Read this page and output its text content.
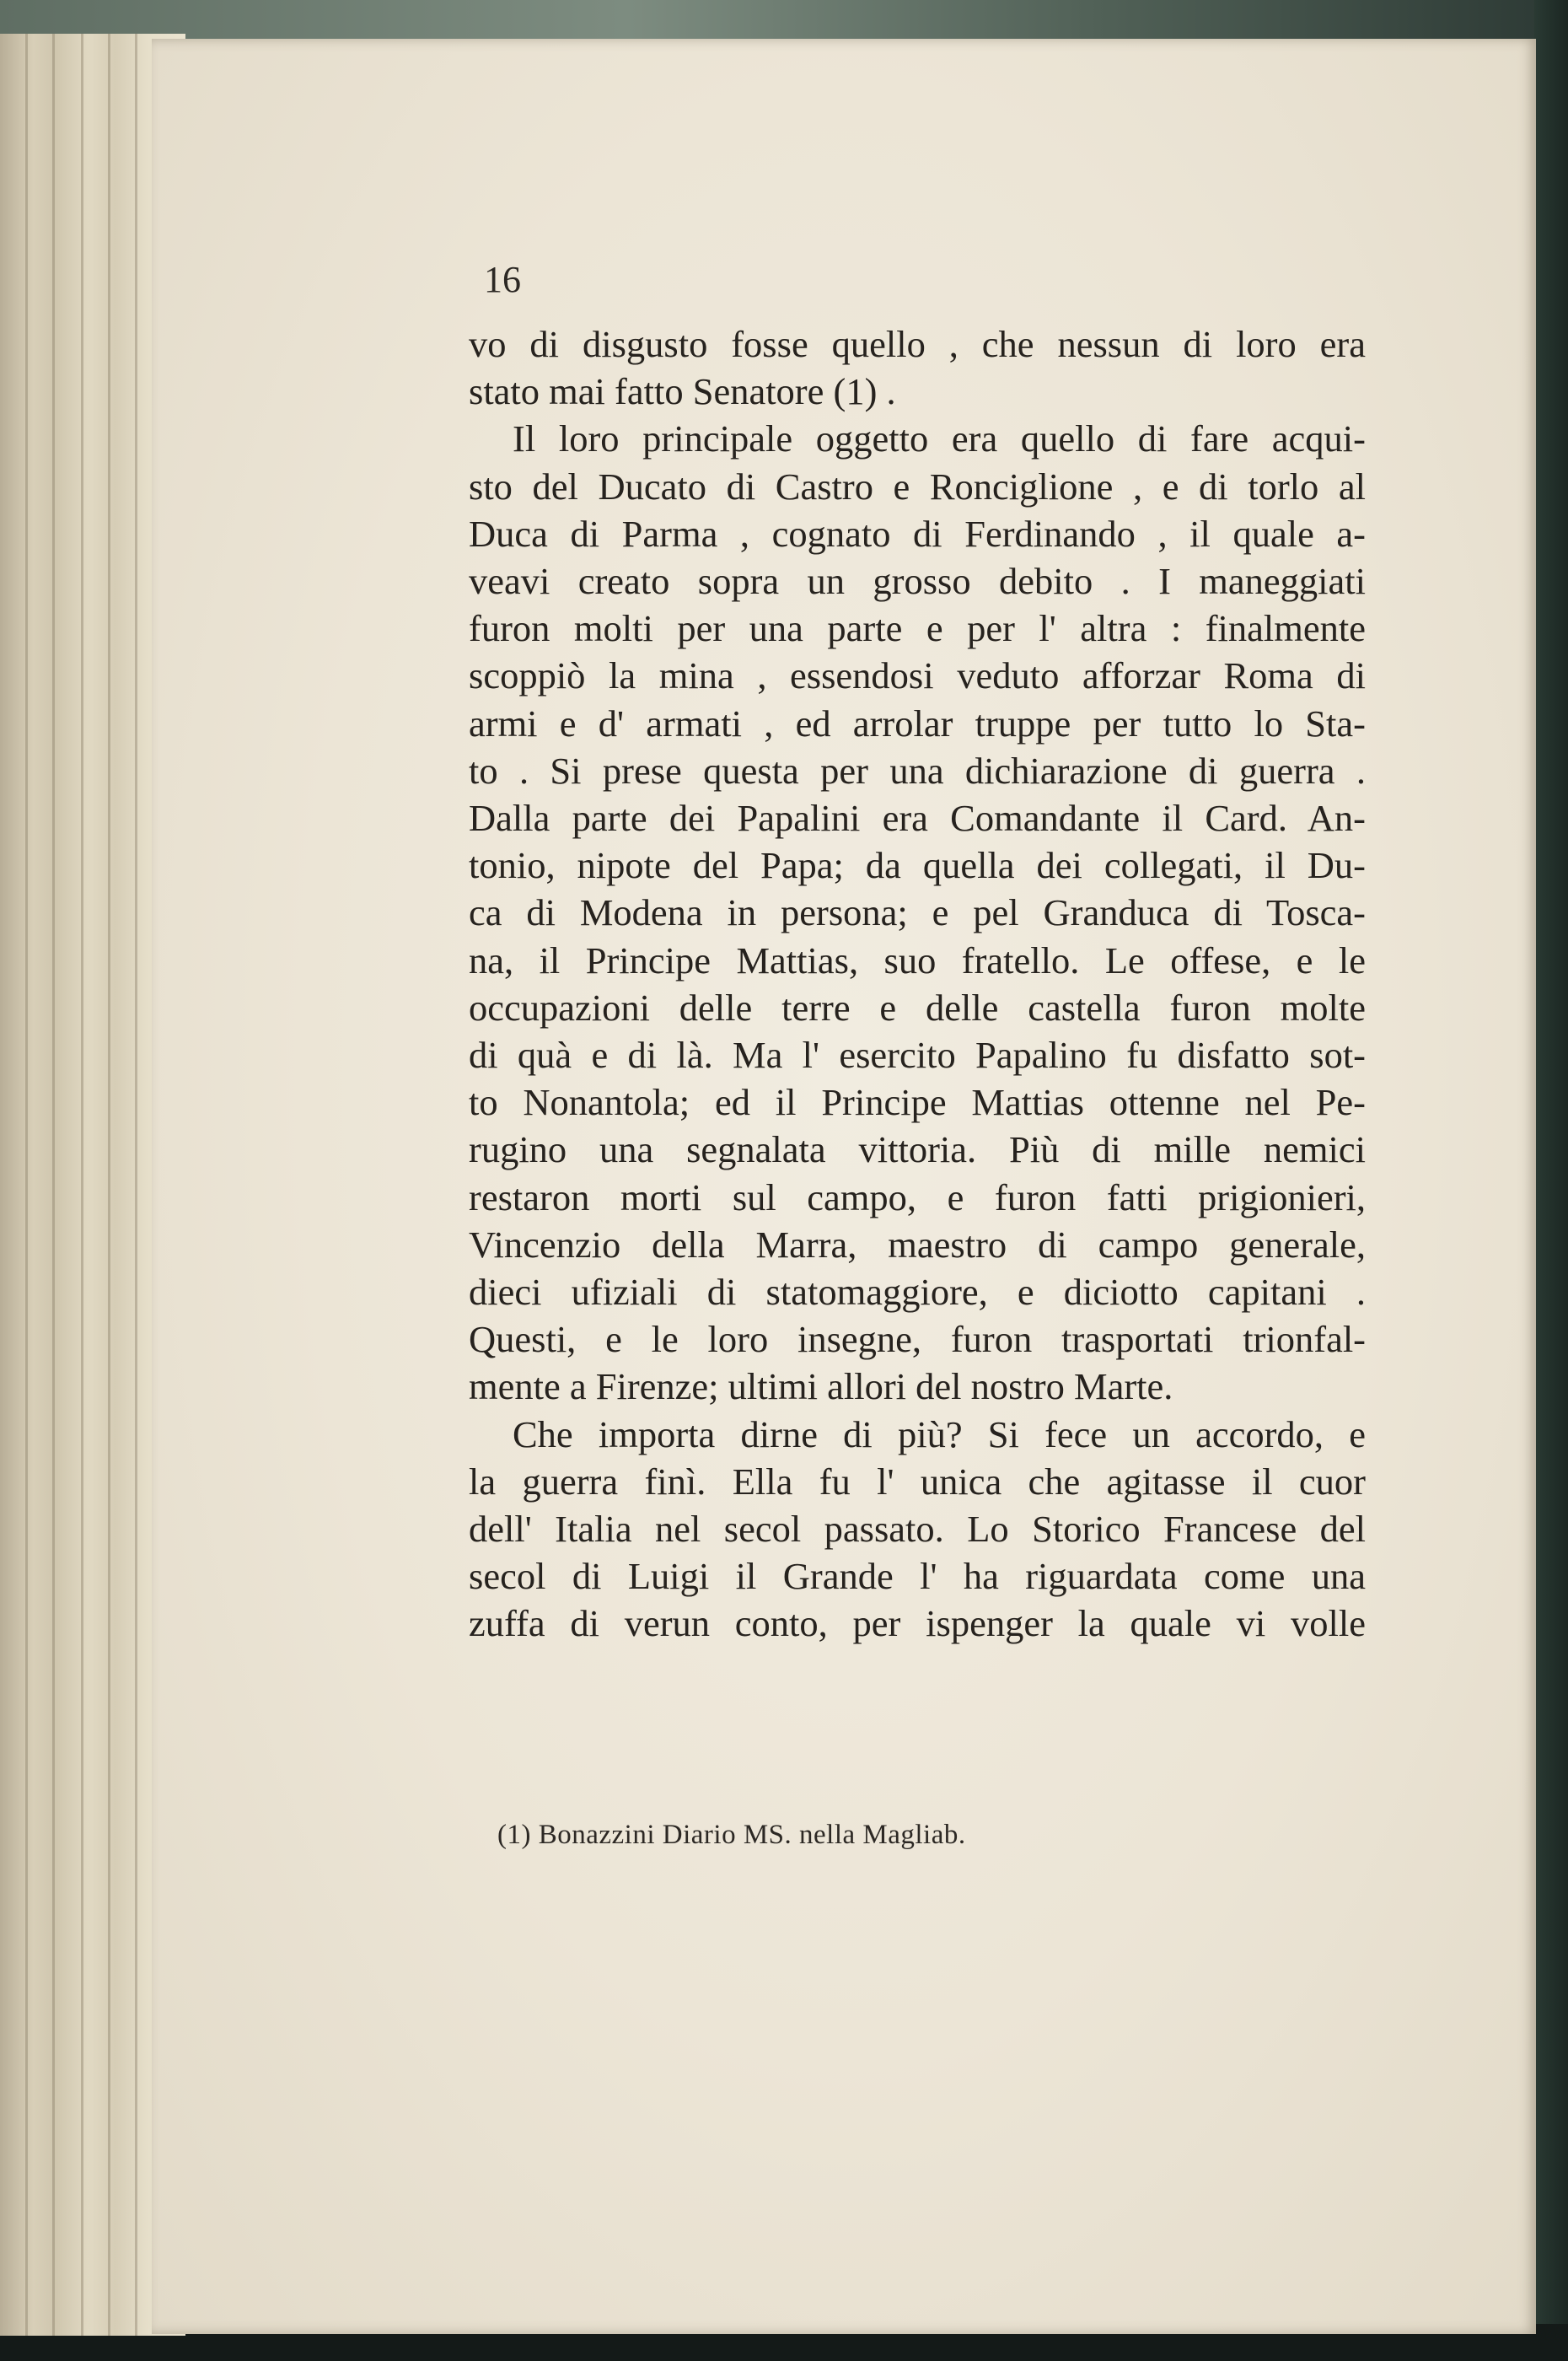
16

vo di disgusto fosse quello , che nessun di loro era
stato mai fatto Senatore (1) .
Il loro principale oggetto era quello di fare acqui-
sto del Ducato di Castro e Ronciglione , e di torlo al
Duca di Parma , cognato di Ferdinando , il quale a-
veavi creato sopra un grosso debito . I maneggiati
furon molti per una parte e per l' altra : finalmente
scoppiò la mina , essendosi veduto afforzar Roma di
armi e d' armati , ed arrolar truppe per tutto lo Sta-
to . Si prese questa per una dichiarazione di guerra .
Dalla parte dei Papalini era Comandante il Card. An-
tonio, nipote del Papa; da quella dei collegati, il Du-
ca di Modena in persona; e pel Granduca di Tosca-
na, il Principe Mattias, suo fratello. Le offese, e le
occupazioni delle terre e delle castella furon molte
di quà e di là. Ma l' esercito Papalino fu disfatto sot-
to Nonantola; ed il Principe Mattias ottenne nel Pe-
rugino una segnalata vittoria. Più di mille nemici
restaron morti sul campo, e furon fatti prigionieri,
Vincenzio della Marra, maestro di campo generale,
dieci ufiziali di statomaggiore, e diciotto capitani .
Questi, e le loro insegne, furon trasportati trionfal-
mente a Firenze; ultimi allori del nostro Marte.
Che importa dirne di più? Si fece un accordo, e
la guerra finì. Ella fu l' unica che agitasse il cuor
dell' Italia nel secol passato. Lo Storico Francese del
secol di Luigi il Grande l' ha riguardata come una
zuffa di verun conto, per ispenger la quale vi volle

(1) Bonazzini Diario MS. nella Magliab.
